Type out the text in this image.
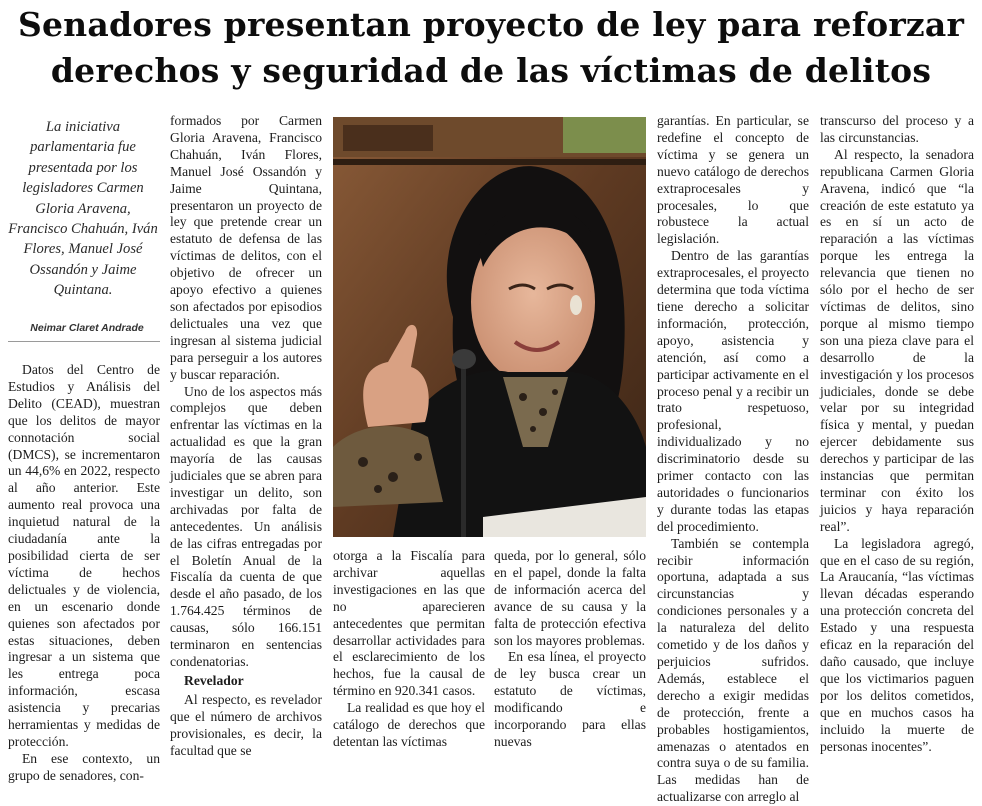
Senadores presentan proyecto de ley para reforzar
derechos y seguridad de las víctimas de delitos
La iniciativa parlamentaria fue presentada por los legisladores Carmen Gloria Aravena, Francisco Chahuán, Iván Flores, Manuel José Ossandón y Jaime Quintana.
Neimar Claret Andrade

Datos del Centro de Estudios y Análisis del Delito (CEAD), muestran que los delitos de mayor connotación social (DMCS), se incrementaron un 44,6% en 2022, respecto al año anterior. Este aumento real provoca una inquietud natural de la ciudadanía ante la posibilidad cierta de ser víctima de hechos delictuales y de violencia, en un escenario donde quienes son afectados por estas situaciones, deben ingresar a un sistema que les entrega poca información, escasa asistencia y precarias herramientas y medidas de protección.

En ese contexto, un grupo de senadores, con-

formados por Carmen Gloria Aravena, Francisco Chahuán, Iván Flores, Manuel José Ossandón y Jaime Quintana, presentaron un proyecto de ley que pretende crear un estatuto de defensa de las víctimas de delitos, con el objetivo de ofrecer un apoyo efectivo a quienes son afectados por episodios delictuales una vez que ingresan al sistema judicial para perseguir a los autores y buscar reparación.

Uno de los aspectos más complejos que deben enfrentar las víctimas en la actualidad es que la gran mayoría de las causas judiciales que se abren para investigar un delito, son archivadas por falta de antecedentes. Un análisis de las cifras entregadas por el Boletín Anual de la Fiscalía da cuenta de que desde el año pasado, de los 1.764.425 términos de causas, sólo 166.151 terminaron en sentencias condenatorias.

Revelador

Al respecto, es revelador que el número de archivos provisionales, es decir, la facultad que se

otorga a la Fiscalía para archivar aquellas investigaciones en las que no aparecieren antecedentes que permitan desarrollar actividades para el esclarecimiento de los hechos, fue la causal de término en 920.341 casos.

La realidad es que hoy el catálogo de derechos que detentan las víctimas

queda, por lo general, sólo en el papel, donde la falta de información acerca del avance de su causa y la falta de protección efectiva son los mayores problemas.

En esa línea, el proyecto de ley busca crear un estatuto de víctimas, modificando e incorporando para ellas nuevas

garantías. En particular, se redefine el concepto de víctima y se genera un nuevo catálogo de derechos extraprocesales y procesales, lo que robustece la actual legislación.

Dentro de las garantías extraprocesales, el proyecto determina que toda víctima tiene derecho a solicitar información, protección, apoyo, asistencia y atención, así como a participar activamente en el proceso penal y a recibir un trato respetuoso, profesional, individualizado y no discriminatorio desde su primer contacto con las autoridades o funcionarios y durante todas las etapas del procedimiento.

También se contempla recibir información oportuna, adaptada a sus circunstancias y condiciones personales y a la naturaleza del delito cometido y de los daños y perjuicios sufridos. Además, establece el derecho a exigir medidas de protección, frente a probables hostigamientos, amenazas o atentados en contra suya o de su familia. Las medidas han de actualizarse con arreglo al

transcurso del proceso y a las circunstancias.

Al respecto, la senadora republicana Carmen Gloria Aravena, indicó que “la creación de este estatuto ya es en sí un acto de reparación a las víctimas porque les entrega la relevancia que tienen no sólo por el hecho de ser víctimas de delitos, sino porque al mismo tiempo son una pieza clave para el desarrollo de la investigación y los procesos judiciales, donde se debe velar por su integridad física y mental, y puedan ejercer debidamente sus derechos y participar de las instancias que permitan terminar con éxito los juicios y haya reparación real”.

La legisladora agregó, que en el caso de su región, La Araucanía, “las víctimas llevan décadas esperando una protección concreta del Estado y una respuesta eficaz en la reparación del daño causado, que incluye que los victimarios paguen por los delitos cometidos, que en muchos casos ha incluido la muerte de personas inocentes”.
